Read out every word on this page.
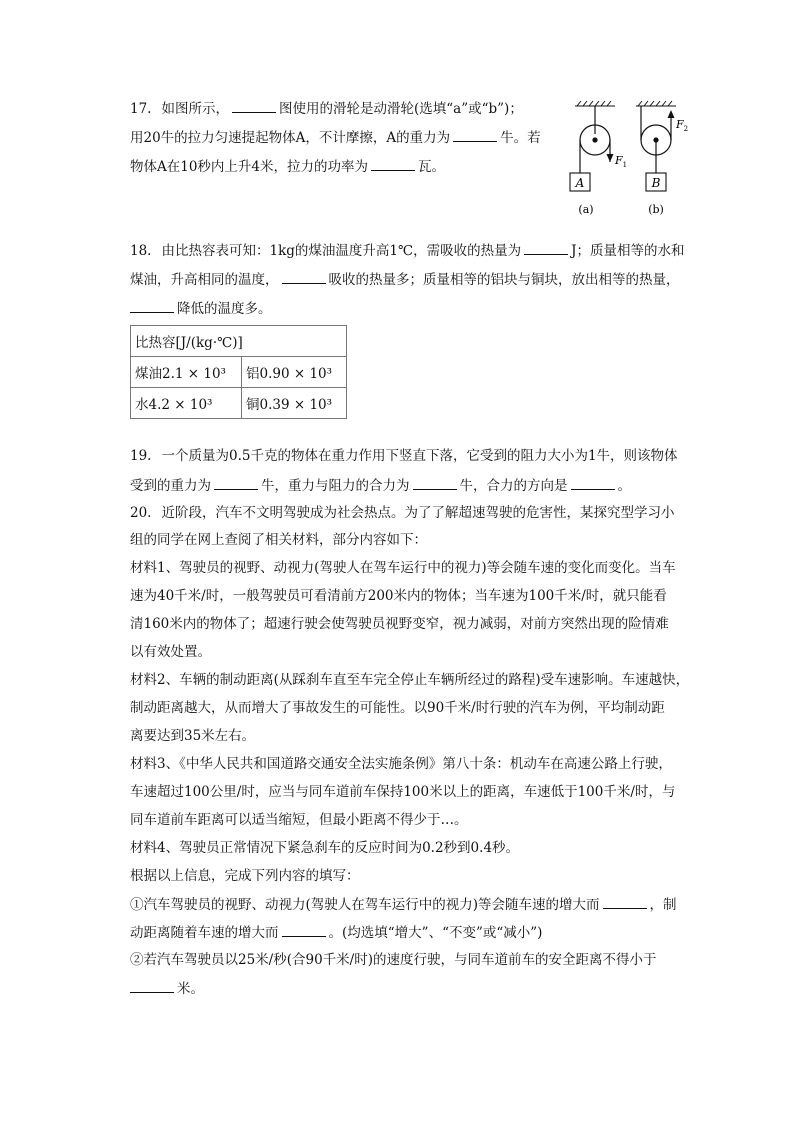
17. 如图所示，	图使用的滑轮是动滑轮(选填“a”或“b”)；
用20牛的拉力匀速提起物体A，不计摩擦，A的重力为	牛。若
物体A在10秒内上升4米，拉力的功率为	瓦。	$F_1$
A
(a)
$F_2$
B
(b)
18. 由比热容表可知：1kg的煤油温度升高1℃，需吸收的热量为	J；质量相等的水和
煤油，升高相同的温度，	吸收的热量多；质量相等的铝块与铜块，放出相等的热量，
降低的温度多。
比热容[J/(kg·℃)]	
煤油2.1 × 10³	铝0.90 × 10³
水4.2 × 10³	铜0.39 × 10³
19. 一个质量为0.5千克的物体在重力作用下竖直下落，它受到的阻力大小为1牛，则该物体
受到的重力为	牛，重力与阻力的合力为	牛，合力的方向是	。
20. 近阶段，汽车不文明驾驶成为社会热点。为了了解超速驾驶的危害性，某探究型学习小
组的同学在网上查阅了相关材料，部分内容如下：
材料1、驾驶员的视野、动视力(驾驶人在驾车运行中的视力)等会随车速的变化而变化。当车
速为40千米/时，一般驾驶员可看清前方200米内的物体；当车速为100千米/时，就只能看
清160米内的物体了；超速行驶会使驾驶员视野变窄，视力减弱，对前方突然出现的险情难
以有效处置。
材料2、车辆的制动距离(从踩刹车直至车完全停止车辆所经过的路程)受车速影响。车速越快，
制动距离越大，从而增大了事故发生的可能性。以90千米/时行驶的汽车为例，平均制动距
离要达到35米左右。
材料3、《中华人民共和国道路交通安全法实施条例》第八十条：机动车在高速公路上行驶，
车速超过100公里/时，应当与同车道前车保持100米以上的距离，车速低于100千米/时，与
同车道前车距离可以适当缩短，但最小距离不得少于…。
材料4、驾驶员正常情况下紧急刹车的反应时间为0.2秒到0.4秒。
根据以上信息，完成下列内容的填写：
①汽车驾驶员的视野、动视力(驾驶人在驾车运行中的视力)等会随车速的增大而	，制
动距离随着车速的增大而	。(均选填“增大”、“不变”或“减小”)
②若汽车驾驶员以25米/秒(合90千米/时)的速度行驶，与同车道前车的安全距离不得小于
米。
